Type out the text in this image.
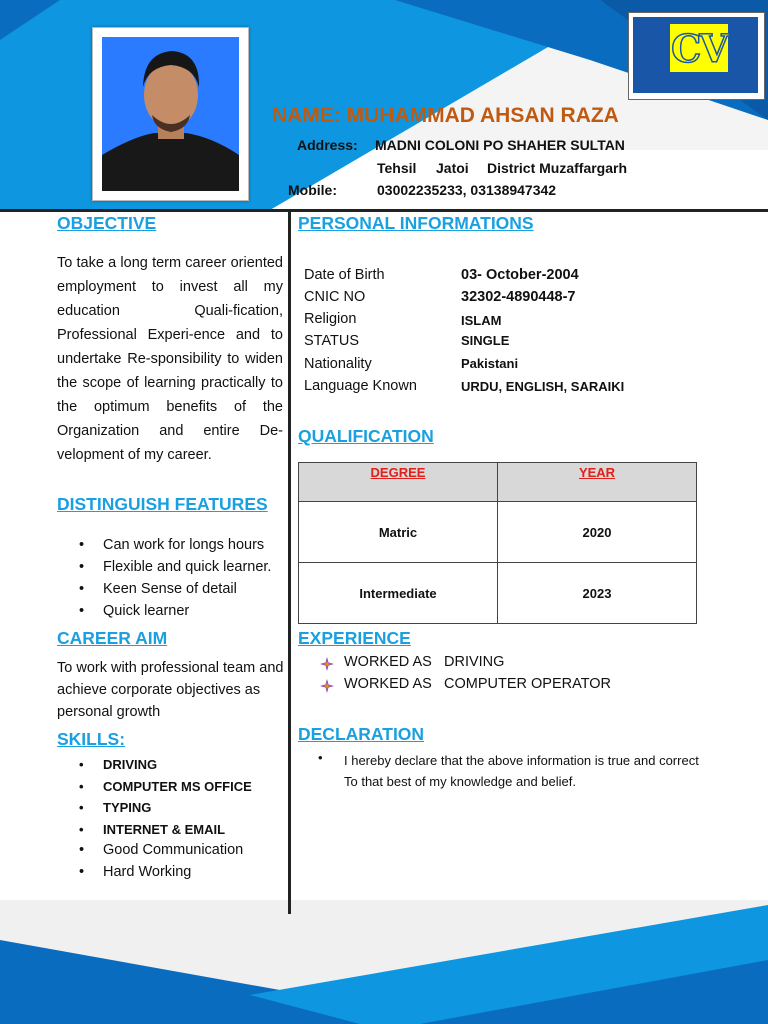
CV
NAME: MUHAMMAD AHSAN RAZA
Address: MADNI COLONI PO SHAHER SULTAN
Tehsil Jatoi District Muzaffargarh
Mobile:	03002235233, 03138947342
OBJECTIVE
To take a long term career oriented employment to invest all my education Quali-fication, Professional Experi-ence and to undertake Re-sponsibility to widen the scope of learning practically to the optimum benefits of the Organization and entire De-velopment of my career.
DISTINGUISH FEATURES
• Can work for longs hours
• Flexible and quick learner.
• Keen Sense of detail
• Quick learner
CAREER AIM
To work with professional team and achieve corporate objectives as personal growth
SKILLS:
• DRIVING
• COMPUTER MS OFFICE
• TYPING
• INTERNET & EMAIL
• Good Communication
• Hard Working
PERSONAL INFORMATIONS
Date of Birth	03- October-2004
CNIC NO	32302-4890448-7
Religion	ISLAM
STATUS	SINGLE
Nationality	Pakistani
Language Known	URDU, ENGLISH, SARAIKI
QUALIFICATION
DEGREE	YEAR
Matric	2020
Intermediate	2023
EXPERIENCE
WORKED AS DRIVING
WORKED AS COMPUTER OPERATOR
DECLARATION
• I hereby declare that the above information is true and correct
To that best of my knowledge and belief.
